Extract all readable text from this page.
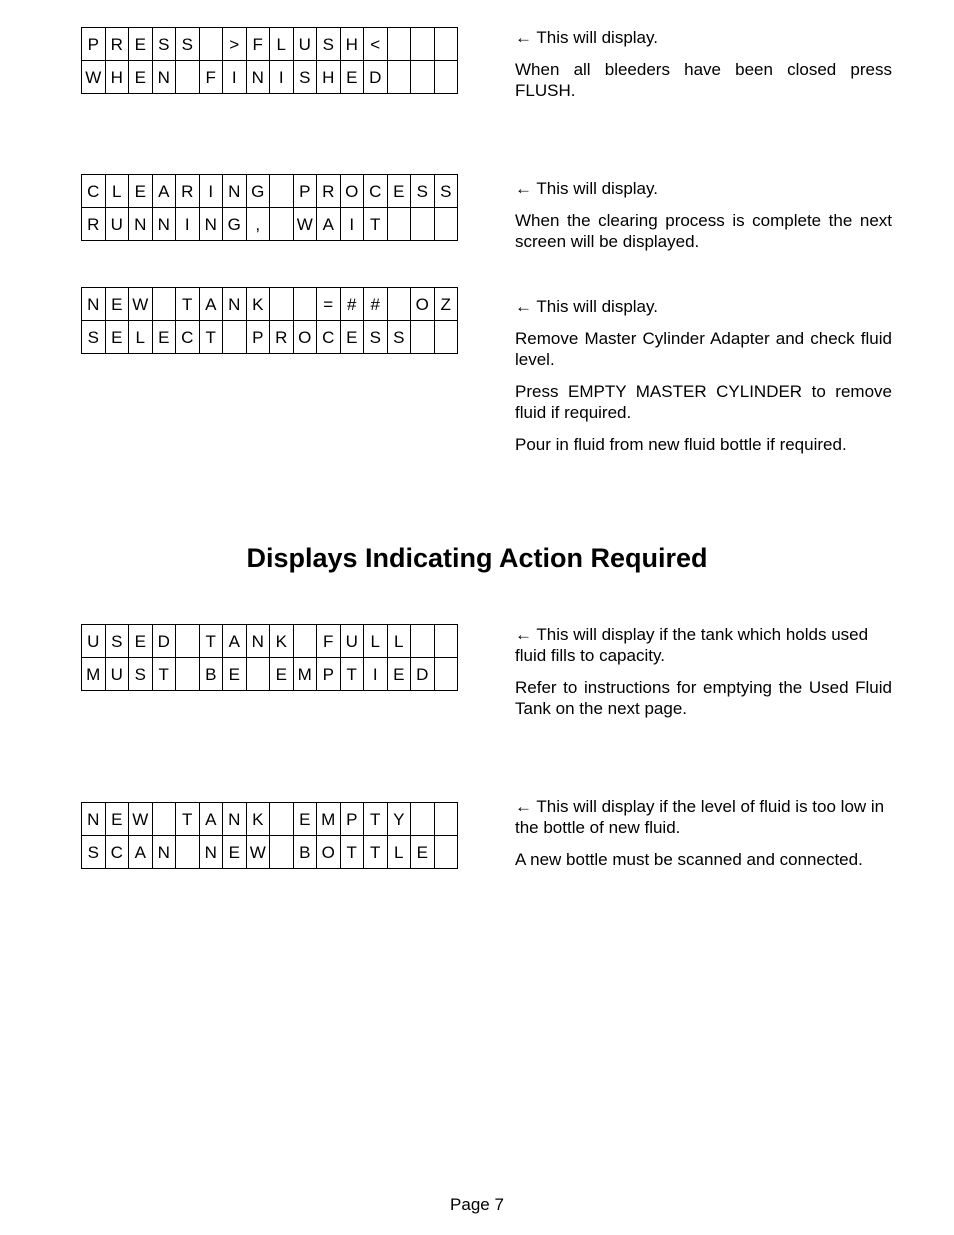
P	R	E	S	S		>	F	L	U	S	H	<			
W	H	E	N		F	I	N	I	S	H	E	D			

← This will display.

When all bleeders have been closed press FLUSH.

C	L	E	A	R	I	N	G		P	R	O	C	E	S	S
R	U	N	N	I	N	G	,		W	A	I	T			

← This will display.

When the clearing process is complete the next screen will be displayed.

N	E	W		T	A	N	K			=	#	#		O	Z
S	E	L	E	C	T		P	R	O	C	E	S	S		

← This will display.

Remove Master Cylinder Adapter and check fluid level.

Press EMPTY MASTER CYLINDER to remove fluid if required.

Pour in fluid from new fluid bottle if required.

Displays Indicating Action Required
U	S	E	D		T	A	N	K		F	U	L	L		
M	U	S	T		B	E		E	M	P	T	I	E	D	

← This will display if the tank which holds used fluid fills to capacity.

Refer to instructions for emptying the Used Fluid Tank on the next page.

N	E	W		T	A	N	K		E	M	P	T	Y		
S	C	A	N		N	E	W		B	O	T	T	L	E	

← This will display if the level of fluid is too low in the bottle of new fluid.

A new bottle must be scanned and connected.

Page 7
